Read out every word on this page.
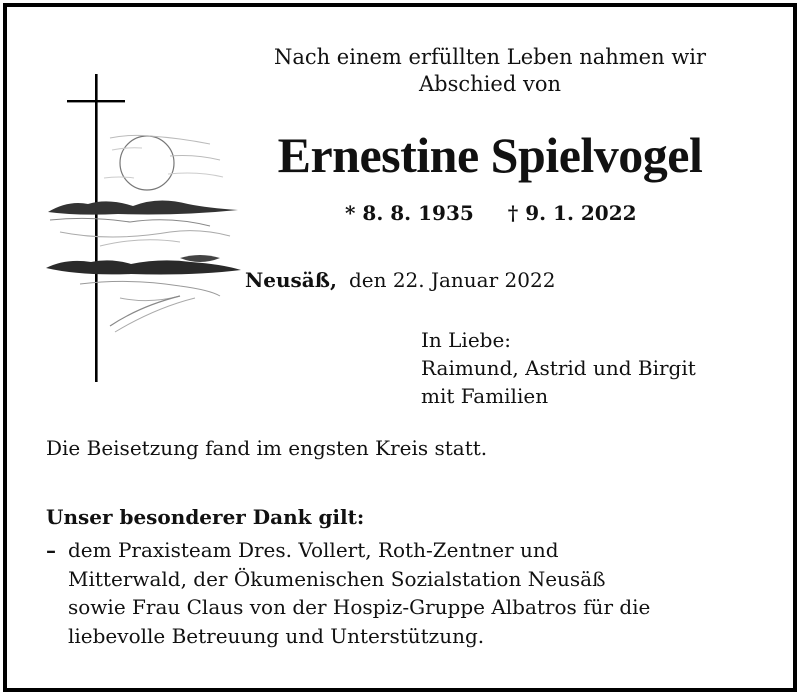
Nach einem erfüllten Leben nahmen wir
Abschied von
Ernestine Spielvogel
* 8. 8. 1935 † 9. 1. 2022
Neusäß, den 22. Januar 2022
In Liebe:
Raimund, Astrid und Birgit
mit Familien
Die Beisetzung fand im engsten Kreis statt.
Unser besonderer Dank gilt:
– dem Praxisteam Dres. Vollert, Roth-Zentner und
Mitterwald, der Ökumenischen Sozialstation Neusäß
sowie Frau Claus von der Hospiz-Gruppe Albatros für die
liebevolle Betreuung und Unterstützung.
